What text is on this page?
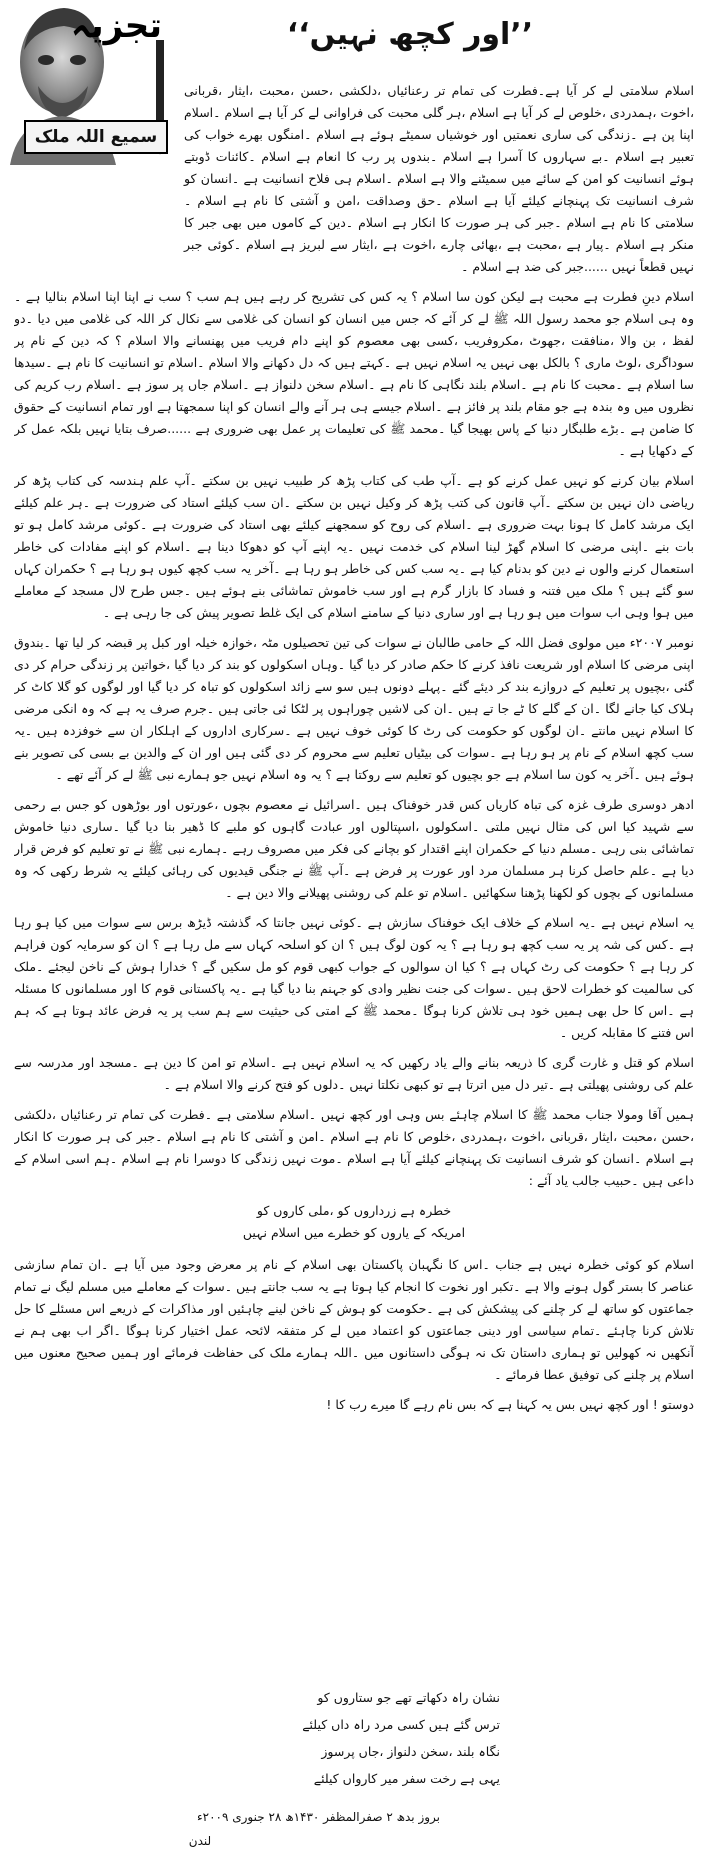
تجزیہ
سمیع اللہ ملک
’’اور کچھ نہیں‘‘

اسلام سلامتی لے کر آیا ہے۔فطرت کی تمام تر رعنائیاں ،دلکشی ،حسن ،محبت ،ایثار ،قربانی ،اخوت ،ہمدردی ،خلوص لے کر آیا ہے اسلام ،ہر گلی محبت کی فراوانی لے کر آیا ہے اسلام ۔اسلام اپنا پن ہے ۔زندگی کی ساری نعمتیں اور خوشیاں سمیٹے ہوئے ہے اسلام ۔امنگوں بھرے خواب کی تعبیر ہے اسلام ۔بے سہاروں کا آسرا ہے اسلام ۔بندوں پر رب کا انعام ہے اسلام ۔کائنات ڈوبتے ہوئے انسانیت کو امن کے سائے میں سمیٹنے والا ہے اسلام ۔اسلام ہی فلاح انسانیت ہے ۔انسان کو شرف انسانیت تک پہنچانے کیلئے آیا ہے اسلام ۔حق وصداقت ،امن و آشتی کا نام ہے اسلام ۔سلامتی کا نام ہے اسلام ۔جبر کی ہر صورت کا انکار ہے اسلام ۔دین کے کاموں میں بھی جبر کا منکر ہے اسلام ۔پیار ہے ،محبت ہے ،بھائی چارے ،اخوت ہے ،ایثار سے لبریز ہے اسلام ۔کوئی جبر نہیں قطعاً نہیں ......جبر کی ضد ہے اسلام ۔

اسلام دینِ فطرت ہے محبت ہے لیکن کون سا اسلام ؟ یہ کس کی تشریح کر رہے ہیں ہم سب ؟ سب نے اپنا اپنا اسلام بنالیا ہے ۔وہ ہی اسلام جو محمد رسول اللہ ﷺ لے کر آئے کہ جس میں انسان کو انسان کی غلامی سے نکال کر اللہ کی غلامی میں دیا ۔دو لفظ ، بن والا ،منافقت ،جھوٹ ،مکروفریب ،کسی بھی معصوم کو اپنے دام فریب میں پھنسانے والا اسلام ؟ کہ دین کے نام پر سوداگری ،لوٹ ماری ؟ بالکل بھی نہیں یہ اسلام نہیں ہے ۔کہتے ہیں کہ دل دکھانے والا اسلام ۔اسلام تو انسانیت کا نام ہے ۔سیدھا سا اسلام ہے ۔محبت کا نام ہے ۔اسلام بلند نگاہی کا نام ہے ۔اسلام سخن دلنواز ہے ۔اسلام جاں پر سوز ہے ۔اسلام رب کریم کی نظروں میں وہ بندہ ہے جو مقام بلند پر فائز ہے ۔اسلام جیسے ہی ہر آنے والے انسان کو اپنا سمجھتا ہے اور تمام انسانیت کے حقوق کا ضامن ہے ۔بڑے طلبگار دنیا کے پاس بھیجا گیا ۔محمد ﷺ کی تعلیمات پر عمل بھی ضروری ہے ......صرف بتایا نہیں بلکہ عمل کر کے دکھایا ہے ۔

اسلام بیان کرنے کو نہیں عمل کرنے کو ہے ۔آپ طب کی کتاب پڑھ کر طبیب نہیں بن سکتے ۔آپ علم ہندسہ کی کتاب پڑھ کر ریاضی دان نہیں بن سکتے ۔آپ قانون کی کتب پڑھ کر وکیل نہیں بن سکتے ۔ان سب کیلئے استاد کی ضرورت ہے ۔ہر علم کیلئے ایک مرشد کامل کا ہونا بہت ضروری ہے ۔اسلام کی روح کو سمجھنے کیلئے بھی استاد کی ضرورت ہے ۔کوئی مرشد کامل ہو تو بات بنے ۔اپنی مرضی کا اسلام گھڑ لینا اسلام کی خدمت نہیں ۔یہ اپنے آپ کو دھوکا دینا ہے ۔اسلام کو اپنے مفادات کی خاطر استعمال کرنے والوں نے دین کو بدنام کیا ہے ۔یہ سب کس کی خاطر ہو رہا ہے ۔آخر یہ سب کچھ کیوں ہو رہا ہے ؟ حکمران کہاں سو گئے ہیں ؟ ملک میں فتنہ و فساد کا بازار گرم ہے اور سب خاموش تماشائی بنے ہوئے ہیں ۔جس طرح لال مسجد کے معاملے میں ہوا وہی اب سوات میں ہو رہا ہے اور ساری دنیا کے سامنے اسلام کی ایک غلط تصویر پیش کی جا رہی ہے ۔

نومبر ۲۰۰۷ء میں مولوی فضل اللہ کے حامی طالبان نے سوات کی تین تحصیلوں مٹہ ،خوازہ خیلہ اور کبل پر قبضہ کر لیا تھا ۔بندوق اپنی مرضی کا اسلام اور شریعت نافذ کرنے کا حکم صادر کر دیا گیا ۔وہاں اسکولوں کو بند کر دیا گیا ،خواتین پر زندگی حرام کر دی گئی ،بچیوں پر تعلیم کے دروازے بند کر دیئے گئے ۔پہلے دونوں ہیں سو سے زائد اسکولوں کو تباہ کر دیا گیا اور لوگوں کو گلا کاٹ کر ہلاک کیا جانے لگا ۔ان کے گلے کا ٹے جا تے ہیں ۔ان کی لاشیں چوراہوں پر لٹکا ئی جاتی ہیں ۔جرم صرف یہ ہے کہ وہ انکی مرضی کا اسلام نہیں مانتے ۔ان لوگوں کو حکومت کی رٹ کا کوئی خوف نہیں ہے ۔سرکاری اداروں کے اہلکار ان سے خوفزدہ ہیں ۔یہ سب کچھ اسلام کے نام پر ہو رہا ہے ۔سوات کی بیٹیاں تعلیم سے محروم کر دی گئی ہیں اور ان کے والدین بے بسی کی تصویر بنے ہوئے ہیں ۔آخر یہ کون سا اسلام ہے جو بچیوں کو تعلیم سے روکتا ہے ؟ یہ وہ اسلام نہیں جو ہمارے نبی ﷺ لے کر آئے تھے ۔

ادھر دوسری طرف غزہ کی تباہ کاریاں کس قدر خوفناک ہیں ۔اسرائیل نے معصوم بچوں ،عورتوں اور بوڑھوں کو جس بے رحمی سے شہید کیا اس کی مثال نہیں ملتی ۔اسکولوں ،اسپتالوں اور عبادت گاہوں کو ملبے کا ڈھیر بنا دیا گیا ۔ساری دنیا خاموش تماشائی بنی رہی ۔مسلم دنیا کے حکمران اپنے اقتدار کو بچانے کی فکر میں مصروف رہے ۔ہمارے نبی ﷺ نے تو تعلیم کو فرض قرار دیا ہے ۔علم حاصل کرنا ہر مسلمان مرد اور عورت پر فرض ہے ۔آپ ﷺ نے جنگی قیدیوں کی رہائی کیلئے یہ شرط رکھی کہ وہ مسلمانوں کے بچوں کو لکھنا پڑھنا سکھائیں ۔اسلام تو علم کی روشنی پھیلانے والا دین ہے ۔

یہ اسلام نہیں ہے ۔یہ اسلام کے خلاف ایک خوفناک سازش ہے ۔کوئی نہیں جانتا کہ گذشتہ ڈیڑھ برس سے سوات میں کیا ہو رہا ہے ۔کس کی شہ پر یہ سب کچھ ہو رہا ہے ؟ یہ کون لوگ ہیں ؟ ان کو اسلحہ کہاں سے مل رہا ہے ؟ ان کو سرمایہ کون فراہم کر رہا ہے ؟ حکومت کی رٹ کہاں ہے ؟ کیا ان سوالوں کے جواب کبھی قوم کو مل سکیں گے ؟ خدارا ہوش کے ناخن لیجئے ۔ملک کی سالمیت کو خطرات لاحق ہیں ۔سوات کی جنت نظیر وادی کو جہنم بنا دیا گیا ہے ۔یہ پاکستانی قوم کا اور مسلمانوں کا مسئلہ ہے ۔اس کا حل بھی ہمیں خود ہی تلاش کرنا ہوگا ۔محمد ﷺ کے امتی کی حیثیت سے ہم سب پر یہ فرض عائد ہوتا ہے کہ ہم اس فتنے کا مقابلہ کریں ۔

اسلام کو قتل و غارت گری کا ذریعہ بنانے والے یاد رکھیں کہ یہ اسلام نہیں ہے ۔اسلام تو امن کا دین ہے ۔مسجد اور مدرسہ سے علم کی روشنی پھیلتی ہے ۔تیر دل میں اترتا ہے تو کبھی نکلتا نہیں ۔دلوں کو فتح کرنے والا اسلام ہے ۔

ہمیں آقا ومولا جناب محمد ﷺ کا اسلام چاہئے بس وہی اور کچھ نہیں ۔اسلام سلامتی ہے ۔فطرت کی تمام تر رعنائیاں ،دلکشی ،حسن ،محبت ،ایثار ،قربانی ،اخوت ،ہمدردی ،خلوص کا نام ہے اسلام ۔امن و آشتی کا نام ہے اسلام ۔جبر کی ہر صورت کا انکار ہے اسلام ۔انسان کو شرف انسانیت تک پہنچانے کیلئے آیا ہے اسلام ۔موت نہیں زندگی کا دوسرا نام ہے اسلام ۔ہم اسی اسلام کے داعی ہیں ۔حبیب جالب یاد آئے :

خطرہ ہے زرداروں کو ،ملی کاروں کو
امریکہ کے یاروں کو خطرے میں اسلام نہیں

اسلام کو کوئی خطرہ نہیں ہے جناب ۔اس کا نگہبان پاکستان بھی اسلام کے نام پر معرض وجود میں آیا ہے ۔ان تمام سازشی عناصر کا بستر گول ہونے والا ہے ۔تکبر اور نخوت کا انجام کیا ہوتا ہے یہ سب جانتے ہیں ۔سوات کے معاملے میں مسلم لیگ نے تمام جماعتوں کو ساتھ لے کر چلنے کی پیشکش کی ہے ۔حکومت کو ہوش کے ناخن لینے چاہئیں اور مذاکرات کے ذریعے اس مسئلے کا حل تلاش کرنا چاہئے ۔تمام سیاسی اور دینی جماعتوں کو اعتماد میں لے کر متفقہ لائحہ عمل اختیار کرنا ہوگا ۔اگر اب بھی ہم نے آنکھیں نہ کھولیں تو ہماری داستان تک نہ ہوگی داستانوں میں ۔اللہ ہمارے ملک کی حفاظت فرمائے اور ہمیں صحیح معنوں میں اسلام پر چلنے کی توفیق عطا فرمائے ۔

دوستو ! اور کچھ نہیں بس یہ کہنا ہے کہ بس نام رہے گا میرے رب کا !

نشان راہ دکھاتے تھے جو ستاروں کو
ترس گئے ہیں کسی مرد راہ داں کیلئے
نگاہ بلند ،سخن دلنواز ،جاں پرسوز
یہی ہے رخت سفر میر کارواں کیلئے
بروز بدھ ۲ صفرالمظفر ۱۴۳۰ھ ۲۸ جنوری ۲۰۰۹ء
لندن
